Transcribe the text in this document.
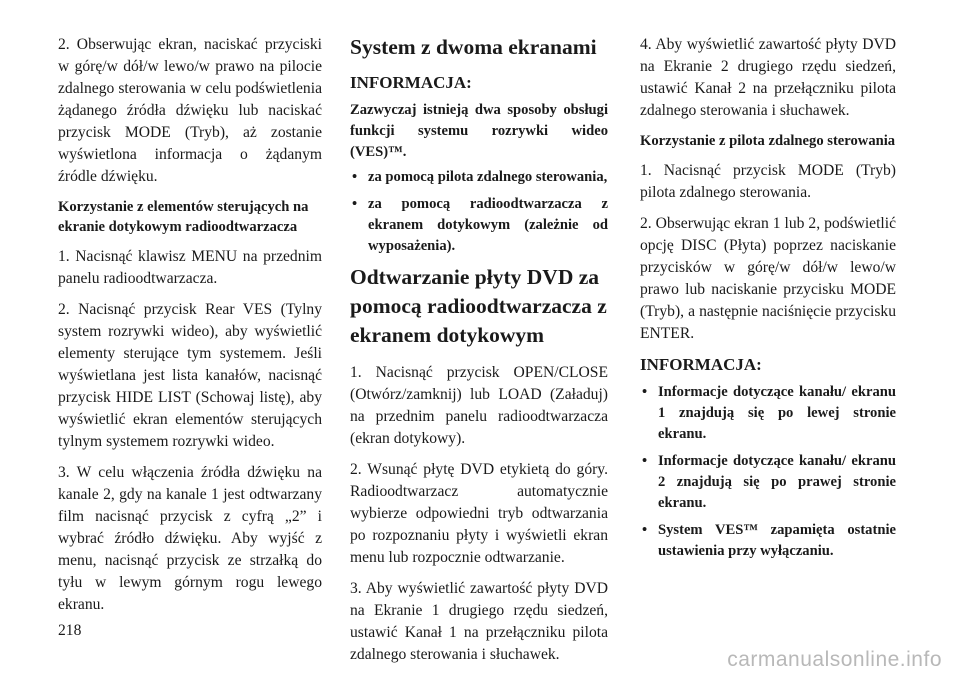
2. Obserwując ekran, naciskać przyciski w górę/w dół/w lewo/w prawo na pilocie zdalnego sterowania w celu podświetlenia żądanego źródła dźwięku lub naciskać przycisk MODE (Tryb), aż zostanie wyświetlona informacja o żądanym źródle dźwięku.

Korzystanie z elementów sterujących na ekranie dotykowym radioodtwarzacza

1. Nacisnąć klawisz MENU na przednim panelu radioodtwarzacza.

2. Nacisnąć przycisk Rear VES (Tylny system rozrywki wideo), aby wyświetlić elementy sterujące tym systemem. Jeśli wyświetlana jest lista kanałów, nacisnąć przycisk HIDE LIST (Schowaj listę), aby wyświetlić ekran elementów sterujących tylnym systemem rozrywki wideo.

3. W celu włączenia źródła dźwięku na kanale 2, gdy na kanale 1 jest odtwarzany film nacisnąć przycisk z cyfrą „2” i wybrać źródło dźwięku. Aby wyjść z menu, nacisnąć przycisk ze strzałką do tyłu w lewym górnym rogu lewego ekranu.

System z dwoma ekranami
INFORMACJA:
Zazwyczaj istnieją dwa sposoby obsługi funkcji systemu rozrywki wideo (VES)™.
• za pomocą pilota zdalnego sterowania,
• za pomocą radioodtwarzacza z ekranem dotykowym (zależnie od wyposażenia).
Odtwarzanie płyty DVD za pomocą radioodtwarzacza z ekranem dotykowym

1. Nacisnąć przycisk OPEN/CLOSE (Otwórz/zamknij) lub LOAD (Załaduj) na przednim panelu radioodtwarzacza (ekran dotykowy).

2. Wsunąć płytę DVD etykietą do góry. Radioodtwarzacz automatycznie wybierze odpowiedni tryb odtwarzania po rozpoznaniu płyty i wyświetli ekran menu lub rozpocznie odtwarzanie.

3. Aby wyświetlić zawartość płyty DVD na Ekranie 1 drugiego rzędu siedzeń, ustawić Kanał 1 na przełączniku pilota zdalnego sterowania i słuchawek.

4. Aby wyświetlić zawartość płyty DVD na Ekranie 2 drugiego rzędu siedzeń, ustawić Kanał 2 na przełączniku pilota zdalnego sterowania i słuchawek.

Korzystanie z pilota zdalnego sterowania

1. Nacisnąć przycisk MODE (Tryb) pilota zdalnego sterowania.

2. Obserwując ekran 1 lub 2, podświetlić opcję DISC (Płyta) poprzez naciskanie przycisków w górę/w dół/w lewo/w prawo lub naciskanie przycisku MODE (Tryb), a następnie naciśnięcie przycisku ENTER.

INFORMACJA:
• Informacje dotyczące kanału/ ekranu 1 znajdują się po lewej stronie ekranu.
• Informacje dotyczące kanału/ ekranu 2 znajdują się po prawej stronie ekranu.
• System VES™ zapamięta ostatnie ustawienia przy wyłączaniu.
218
carmanualsonline.info
